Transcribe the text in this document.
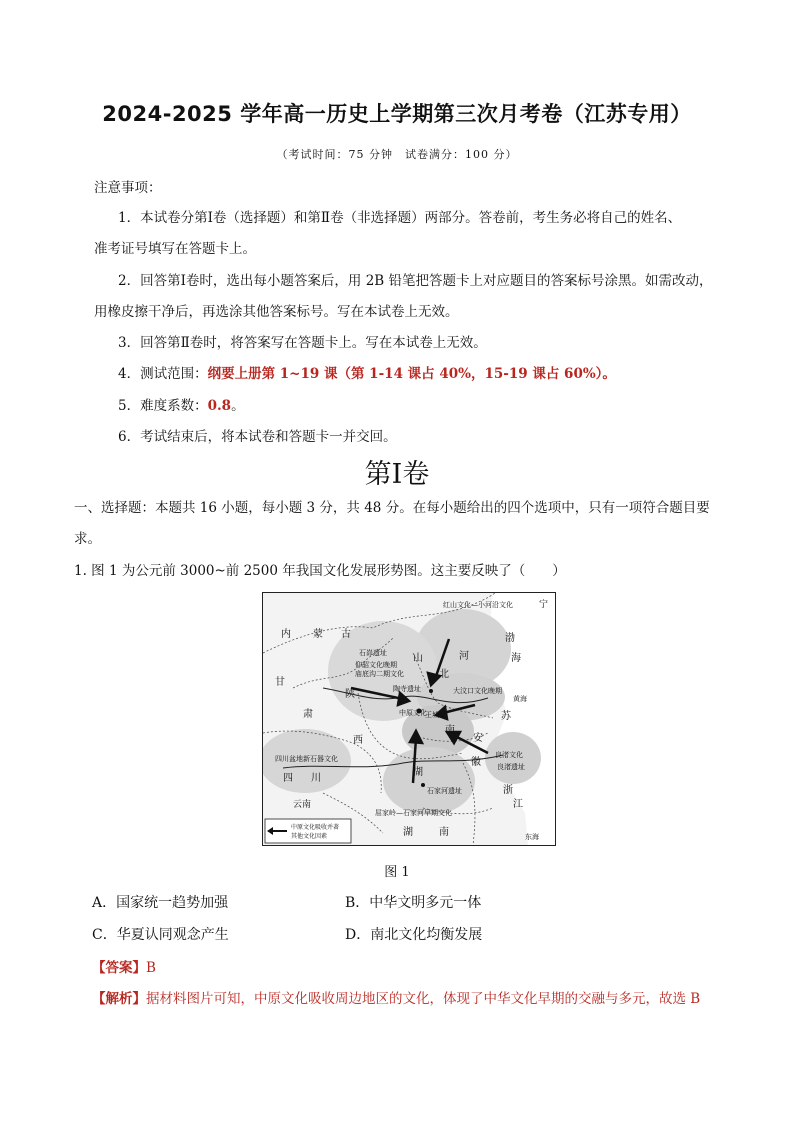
2024-2025 学年高一历史上学期第三次月考卷（江苏专用）
（考试时间：75 分钟　试卷满分：100 分）
注意事项：
1．本试卷分第Ⅰ卷（选择题）和第Ⅱ卷（非选择题）两部分。答卷前，考生务必将自己的姓名、
准考证号填写在答题卡上。
2．回答第Ⅰ卷时，选出每小题答案后，用 2B 铅笔把答题卡上对应题目的答案标号涂黑。如需改动，
用橡皮擦干净后，再选涂其他答案标号。写在本试卷上无效。
3．回答第Ⅱ卷时，将答案写在答题卡上。写在本试卷上无效。
4．测试范围：纲要上册第 1~19 课（第 1-14 课占 40%，15-19 课占 60%）。
5．难度系数：0.8。
6．考试结束后，将本试卷和答题卡一并交回。
第Ⅰ卷
一、选择题：本题共 16 小题，每小题 3 分，共 48 分。在每小题给出的四个选项中，只有一项符合题目要
求。
1. 图 1 为公元前 3000~前 2500 年我国文化发展形势图。这主要反映了（　　）
红山文化—小河沿文化	宁
内 蒙 古
石峁遗址
仰韶文化晚期
庙底沟二期文化
陶寺遗址	大汶口文化晚期
中原文化
王城岗
甘
肃
陕
山
西
河
北
南
四川盆地新石器文化
四 川
湖
石家河遗址
屈家岭—石家河早期文化
良渚文化
良渚遗址
云南
湖	南
浙
江
安
徽
苏
东海
渤
海
黄海
中原文化吸收并著
其他文化因素
图 1
A．国家统一趋势加强	B．中华文明多元一体
C．华夏认同观念产生	D．南北文化均衡发展
【答案】B
【解析】据材料图片可知，中原文化吸收周边地区的文化，体现了中华文化早期的交融与多元，故选 B
